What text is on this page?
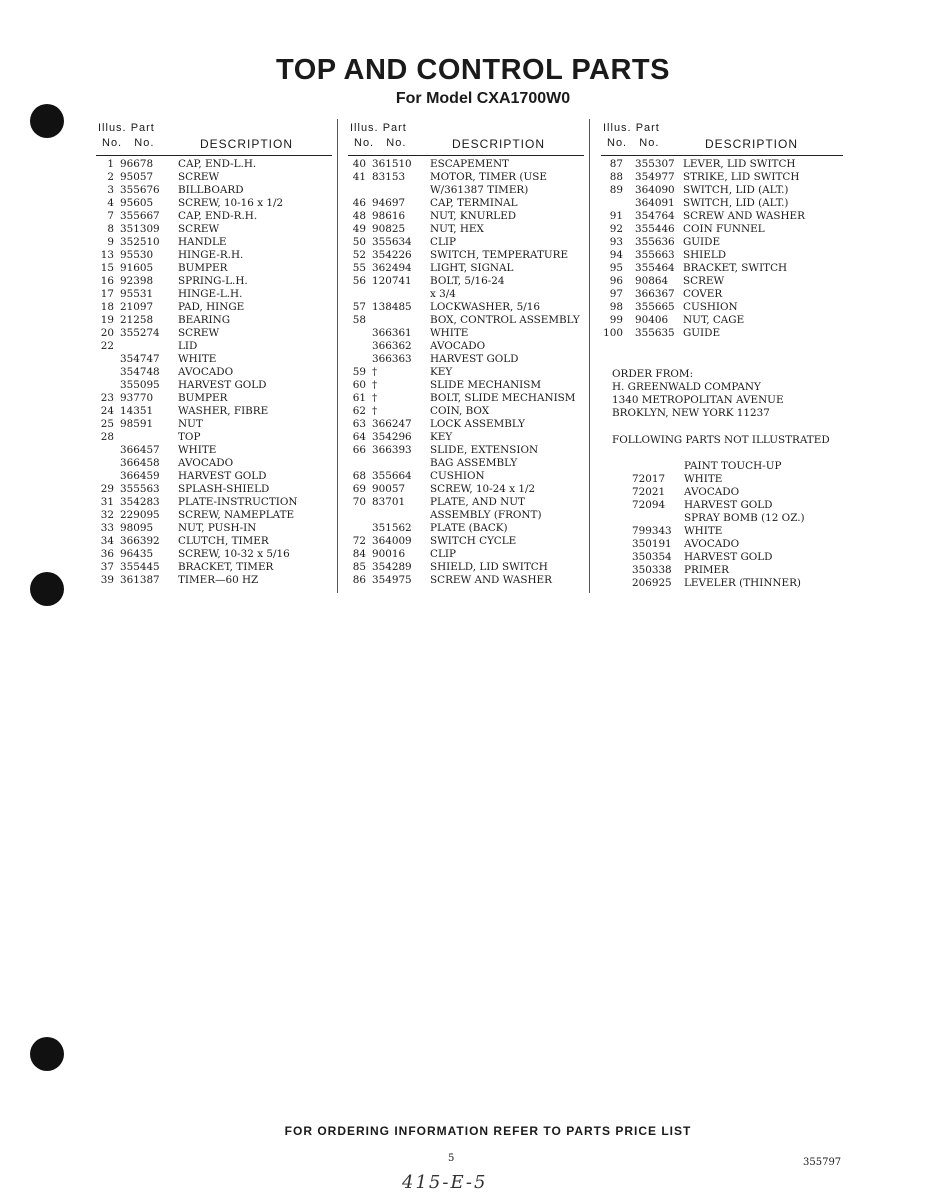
TOP AND CONTROL PARTS
For Model CXA1700W0
Illus. Part
No. No.	DESCRIPTION
1 96678 CAP, END-L.H.
2 95057 SCREW
3 355676 BILLBOARD
4 95605 SCREW, 10-16 x 1/2
7 355667 CAP, END-R.H.
8 351309 SCREW
9 352510 HANDLE
13 95530 HINGE-R.H.
15 91605 BUMPER
16 92398 SPRING-L.H.
17 95531 HINGE-L.H.
18 21097 PAD, HINGE
19 21258 BEARING
20 355274 SCREW
22	LID
354747 WHITE
354748 AVOCADO
355095 HARVEST GOLD
23 93770 BUMPER
24 14351 WASHER, FIBRE
25 98591 NUT
28	TOP
366457 WHITE
366458 AVOCADO
366459 HARVEST GOLD
29 355563 SPLASH-SHIELD
31 354283 PLATE-INSTRUCTION
32 229095 SCREW, NAMEPLATE
33 98095 NUT, PUSH-IN
34 366392 CLUTCH, TIMER
36 96435 SCREW, 10-32 x 5/16
37 355445 BRACKET, TIMER
39 361387 TIMER—60 HZ
Illus. Part
No. No.	DESCRIPTION
40 361510 ESCAPEMENT
41 83153 MOTOR, TIMER (USE
W/361387 TIMER)
46 94697 CAP, TERMINAL
48 98616 NUT, KNURLED
49 90825 NUT, HEX
50 355634 CLIP
52 354226 SWITCH, TEMPERATURE
55 362494 LIGHT, SIGNAL
56 120741 BOLT, 5/16-24
x 3/4
57 138485 LOCKWASHER, 5/16
58	BOX, CONTROL ASSEMBLY
366361 WHITE
366362 AVOCADO
366363 HARVEST GOLD
59 †	KEY
60 †	SLIDE MECHANISM
61 †	BOLT, SLIDE MECHANISM
62 †	COIN, BOX
63 366247 LOCK ASSEMBLY
64 354296 KEY
66 366393 SLIDE, EXTENSION
BAG ASSEMBLY
68 355664 CUSHION
69 90057 SCREW, 10-24 x 1/2
70 83701 PLATE, AND NUT
ASSEMBLY (FRONT)
351562 PLATE (BACK)
72 364009 SWITCH CYCLE
84 90016 CLIP
85 354289 SHIELD, LID SWITCH
86 354975 SCREW AND WASHER
Illus. Part
No. No.	DESCRIPTION
87 355307 LEVER, LID SWITCH
88 354977 STRIKE, LID SWITCH
89 364090 SWITCH, LID (ALT.)
364091 SWITCH, LID (ALT.)
91 354764 SCREW AND WASHER
92 355446 COIN FUNNEL
93 355636 GUIDE
94 355663 SHIELD
95 355464 BRACKET, SWITCH
96 90864 SCREW
97 366367 COVER
98 355665 CUSHION
99 90406 NUT, CAGE
100 355635 GUIDE
ORDER FROM:
H. GREENWALD COMPANY
1340 METROPOLITAN AVENUE
BROKLYN, NEW YORK 11237
FOLLOWING PARTS NOT ILLUSTRATED
PAINT TOUCH-UP
72017 WHITE
72021 AVOCADO
72094 HARVEST GOLD
SPRAY BOMB (12 OZ.)
799343 WHITE
350191 AVOCADO
350354 HARVEST GOLD
350338 PRIMER
206925 LEVELER (THINNER)
FOR ORDERING INFORMATION REFER TO PARTS PRICE LIST
5	355797
415-E-5
